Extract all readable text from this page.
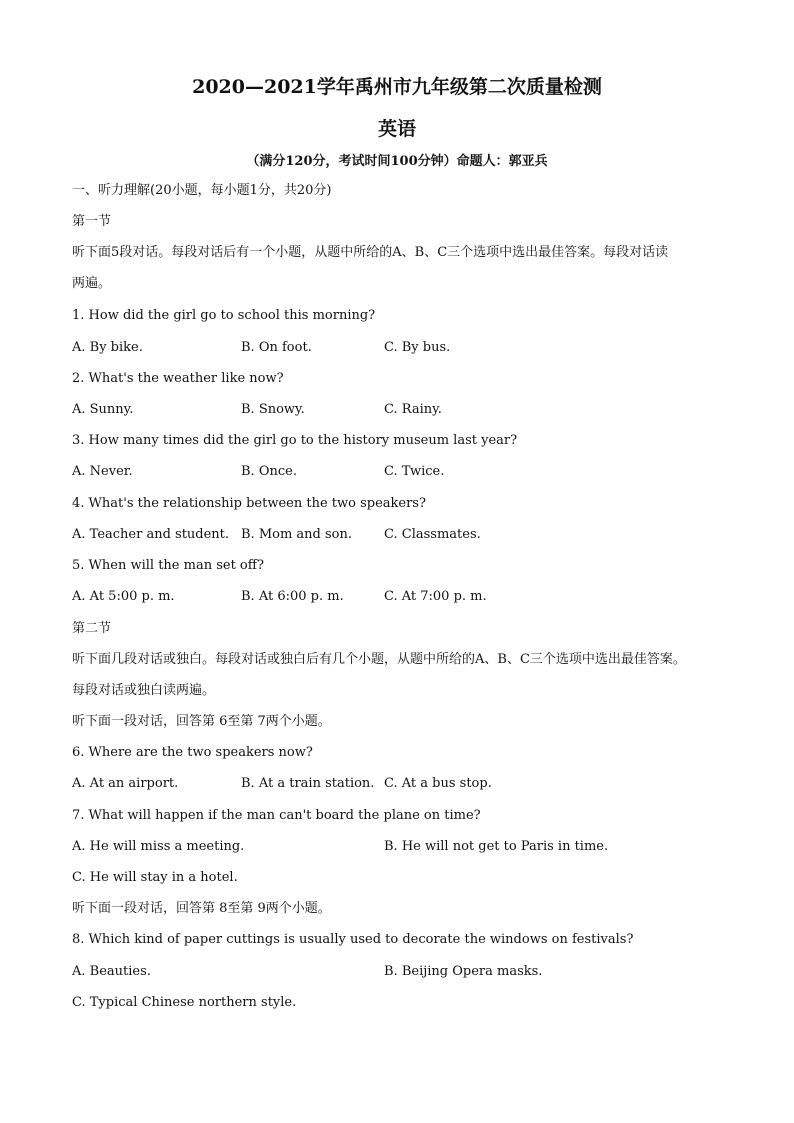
2020—2021学年禹州市九年级第二次质量检测
英语
（满分120分，考试时间100分钟）命题人：郭亚兵
一、听力理解(20小题，每小题1分，共20分)
第一节
听下面5段对话。每段对话后有一个小题，从题中所给的A、B、C三个选项中选出最佳答案。每段对话读
两遍。
1. How did the girl go to school this morning?
A. By bike.	B. On foot.	C. By bus.
2. What's the weather like now?
A. Sunny.	B. Snowy.	C. Rainy.
3. How many times did the girl go to the history museum last year?
A. Never.	B. Once.	C. Twice.
4. What's the relationship between the two speakers?
A. Teacher and student. B. Mom and son. C. Classmates.
5. When will the man set off?
A. At 5:00 p. m.	B. At 6:00 p. m.	C. At 7:00 p. m.
第二节
听下面几段对话或独白。每段对话或独白后有几个小题，从题中所给的A、B、C三个选项中选出最佳答案。
每段对话或独白读两遍。
听下面一段对话，回答第 6至第 7两个小题。
6. Where are the two speakers now?
A. At an airport.	B. At a train station. C. At a bus stop.
7. What will happen if the man can't board the plane on time?
A. He will miss a meeting.	B. He will not get to Paris in time.
C. He will stay in a hotel.
听下面一段对话，回答第 8至第 9两个小题。
8. Which kind of paper cuttings is usually used to decorate the windows on festivals?
A. Beauties.	B. Beijing Opera masks.
C. Typical Chinese northern style.
